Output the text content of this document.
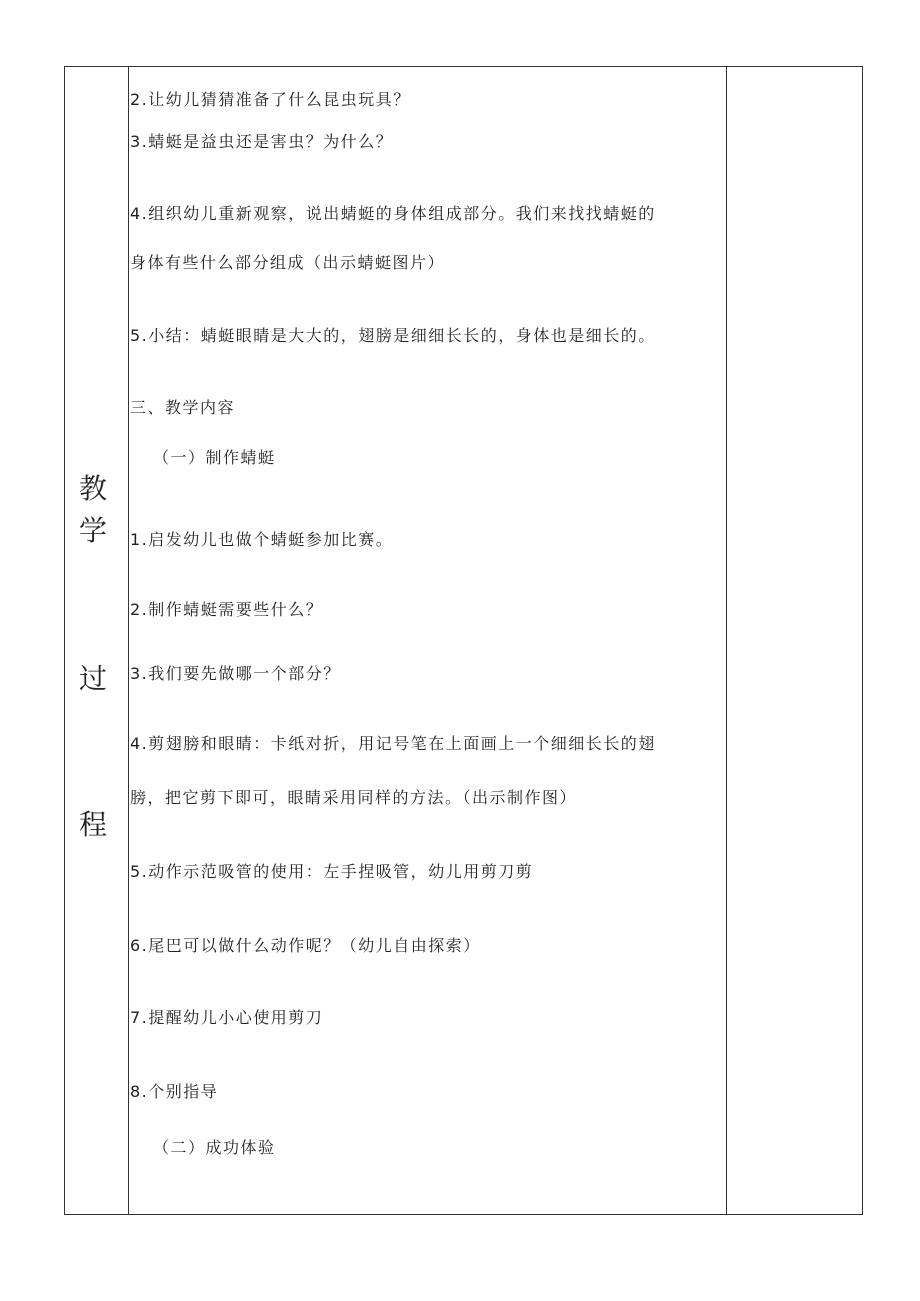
教
学
过
程
2.让幼儿猜猜准备了什么昆虫玩具？
3.蜻蜓是益虫还是害虫？为什么？
4.组织幼儿重新观察，说出蜻蜓的身体组成部分。我们来找找蜻蜓的
身体有些什么部分组成（出示蜻蜓图片）
5.小结：蜻蜓眼睛是大大的，翅膀是细细长长的，身体也是细长的。
三、教学内容
（一）制作蜻蜓
1.启发幼儿也做个蜻蜓参加比赛。
2.制作蜻蜓需要些什么？
3.我们要先做哪一个部分？
4.剪翅膀和眼睛：卡纸对折，用记号笔在上面画上一个细细长长的翅
膀，把它剪下即可，眼睛采用同样的方法。（出示制作图）
5.动作示范吸管的使用：左手捏吸管，幼儿用剪刀剪
6.尾巴可以做什么动作呢？（幼儿自由探索）
7.提醒幼儿小心使用剪刀
8.个别指导
（二）成功体验
